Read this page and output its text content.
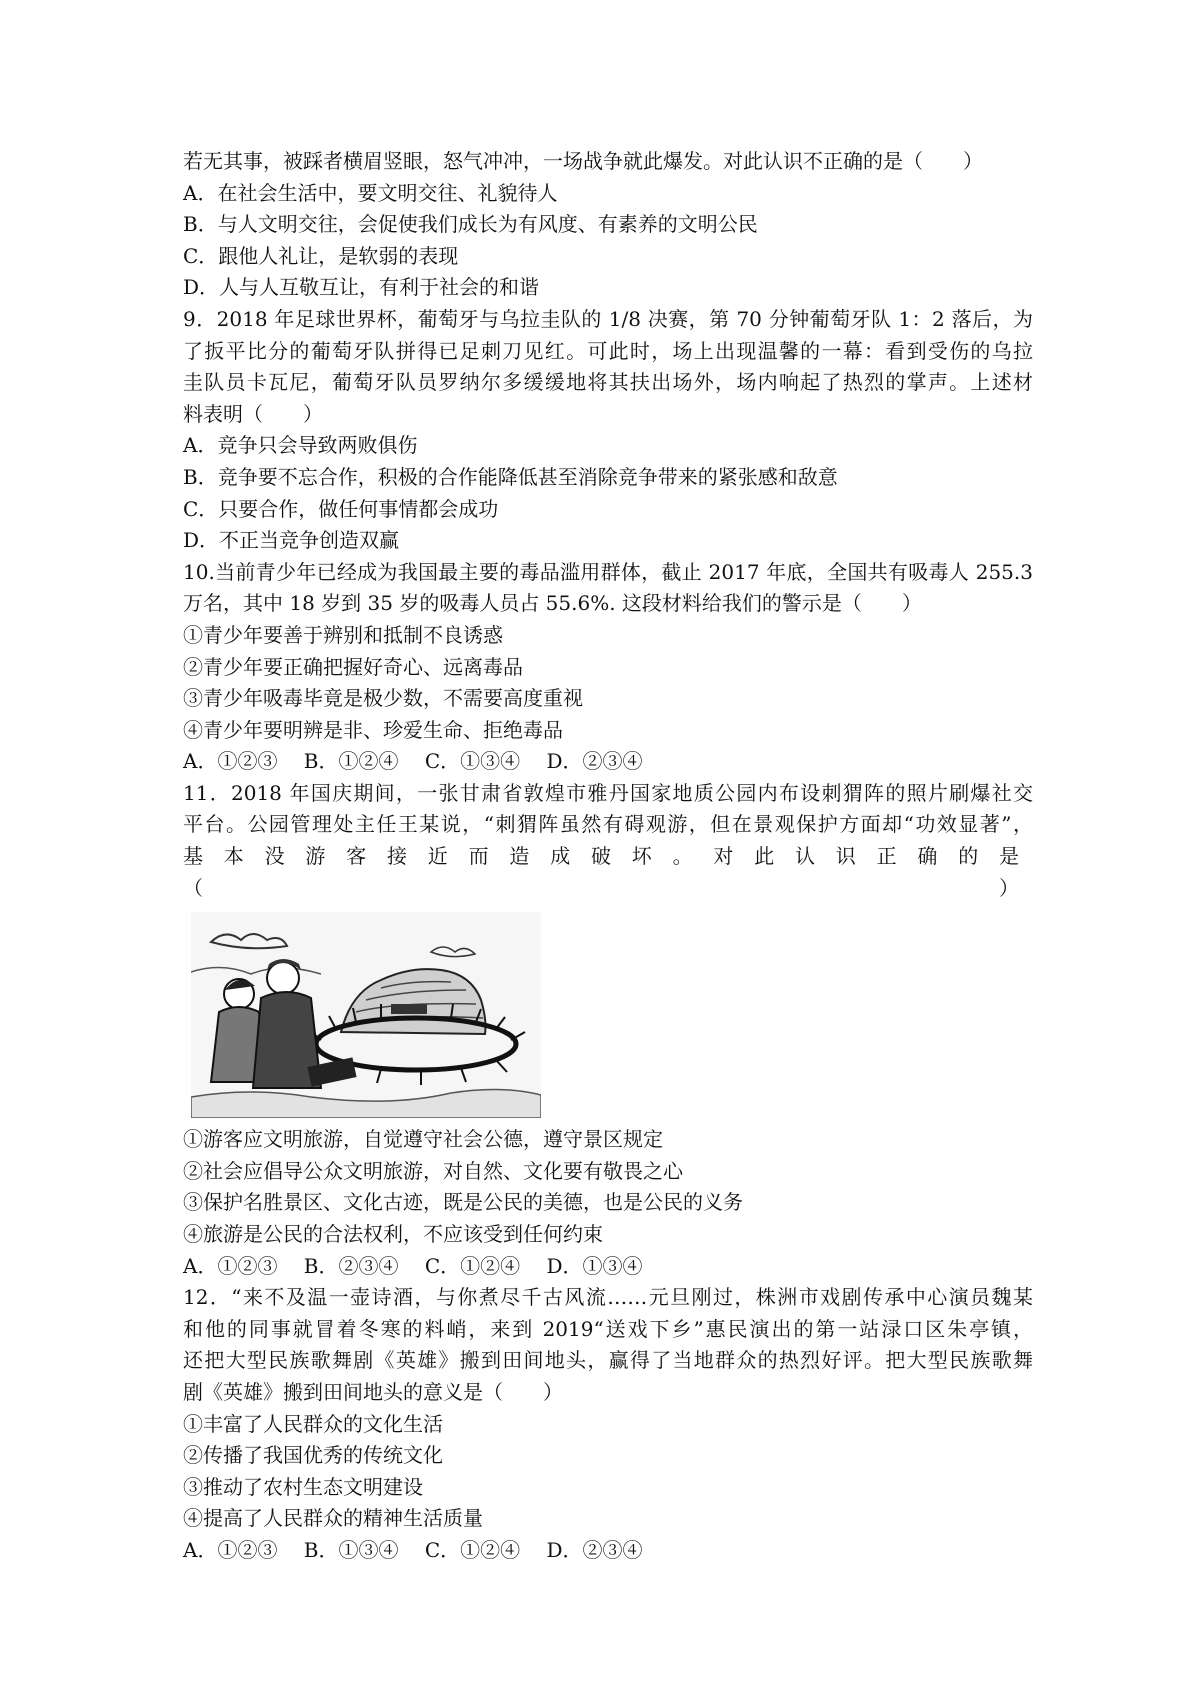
若无其事，被踩者横眉竖眼，怒气冲冲，一场战争就此爆发。对此认识不正确的是（　　）
A．在社会生活中，要文明交往、礼貌待人
B．与人文明交往，会促使我们成长为有风度、有素养的文明公民
C．跟他人礼让，是软弱的表现
D．人与人互敬互让，有利于社会的和谐
9．2018 年足球世界杯，葡萄牙与乌拉圭队的 1/8 决赛，第 70 分钟葡萄牙队 1：2 落后，为
了扳平比分的葡萄牙队拼得已足刺刀见红。可此时，场上出现温馨的一幕：看到受伤的乌拉
圭队员卡瓦尼，葡萄牙队员罗纳尔多缓缓地将其扶出场外，场内响起了热烈的掌声。上述材
料表明（　　）
A．竞争只会导致两败俱伤
B．竞争要不忘合作，积极的合作能降低甚至消除竞争带来的紧张感和敌意
C．只要合作，做任何事情都会成功
D．不正当竞争创造双赢
10.当前青少年已经成为我国最主要的毒品滥用群体，截止 2017 年底，全国共有吸毒人 255.3
万名，其中 18 岁到 35 岁的吸毒人员占 55.6%. 这段材料给我们的警示是（　　）
①青少年要善于辨别和抵制不良诱惑
②青少年要正确把握好奇心、远离毒品
③青少年吸毒毕竟是极少数，不需要高度重视
④青少年要明辨是非、珍爱生命、拒绝毒品
A．①②③　 B．①②④　 C．①③④　 D．②③④
11．2018 年国庆期间，一张甘肃省敦煌市雅丹国家地质公园内布设刺猬阵的照片刷爆社交
平台。公园管理处主任王某说，“刺猬阵虽然有碍观游，但在景观保护方面却“功效显著”，
基本没游客接近而造成破坏。对此认识正确的是（　　　）
①游客应文明旅游，自觉遵守社会公德，遵守景区规定
②社会应倡导公众文明旅游，对自然、文化要有敬畏之心
③保护名胜景区、文化古迹，既是公民的美德，也是公民的义务
④旅游是公民的合法权利，不应该受到任何约束
A．①②③　 B．②③④　 C．①②④　 D．①③④
12．“来不及温一壶诗酒，与你煮尽千古风流……元旦刚过，株洲市戏剧传承中心演员魏某
和他的同事就冒着冬寒的料峭，来到 2019“送戏下乡”惠民演出的第一站渌口区朱亭镇，
还把大型民族歌舞剧《英雄》搬到田间地头，赢得了当地群众的热烈好评。把大型民族歌舞
剧《英雄》搬到田间地头的意义是（　　）
①丰富了人民群众的文化生活
②传播了我国优秀的传统文化
③推动了农村生态文明建设
④提高了人民群众的精神生活质量
A．①②③　 B．①③④　 C．①②④　 D．②③④
